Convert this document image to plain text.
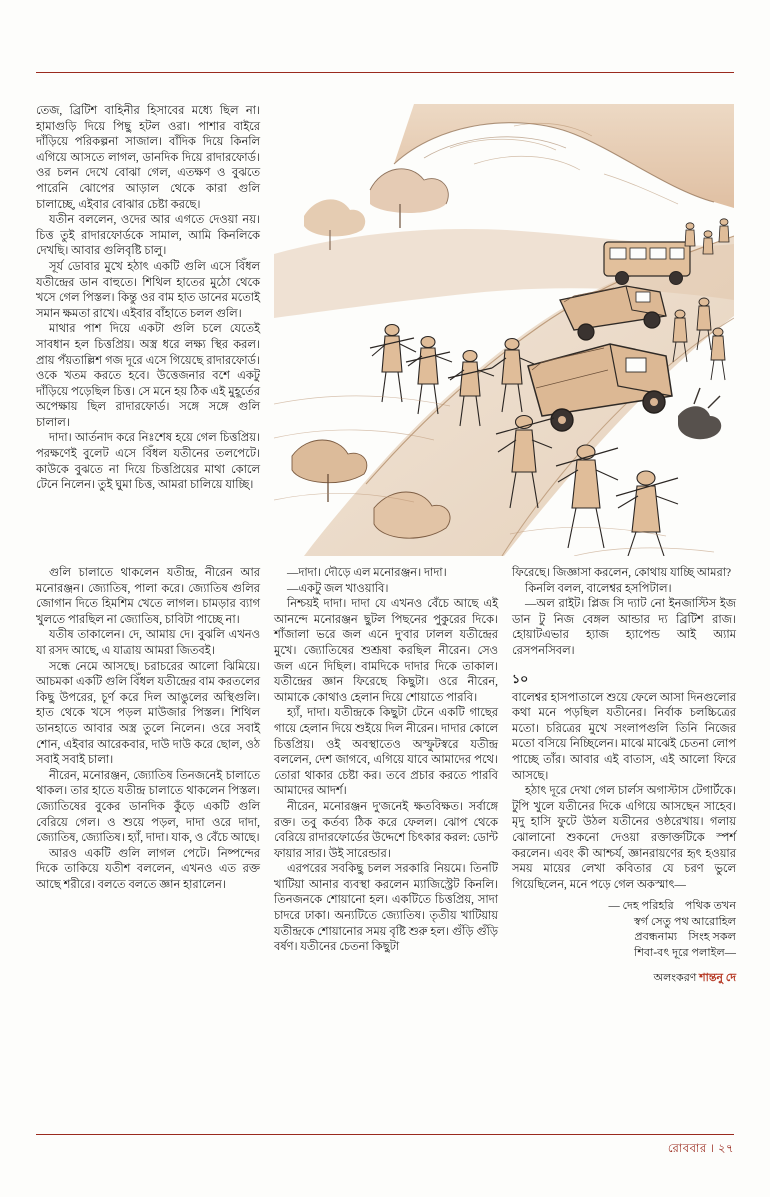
তেজ, ব্রিটিশ বাহিনীর হিসাবের মধ্যে ছিল না। হামাগুড়ি দিয়ে পিছু হটল ওরা। পাশার বাইরে দাঁড়িয়ে পরিকল্পনা সাজাল। বাঁদিক দিয়ে কিনলি এগিয়ে আসতে লাগল, ডানদিক দিয়ে রাদারফোর্ড। ওর চলন দেখে বোঝা গেল, এতক্ষণ ও বুঝতে পারেনি ঝোপের আড়াল থেকে কারা গুলি চালাচ্ছে, এইবার বোঝার চেষ্টা করছে।

যতীন বললেন, ওদের আর এগতে দেওয়া নয়। চিত্ত তুই রাদারফোর্ডকে সামাল, আমি কিনলিকে দেখছি। আবার গুলিবৃষ্টি চালু।

সূর্য ডোবার মুখে হঠাৎ একটি গুলি এসে বিঁধল যতীন্দ্রের ডান বাহুতে। শিথিল হাতের মুঠো থেকে খসে গেল পিস্তল। কিন্তু ওর বাম হাত ডানের মতোই সমান ক্ষমতা রাখে। এইবার বাঁহাতে চলল গুলি।

মাথার পাশ দিয়ে একটা গুলি চলে যেতেই সাবধান হল চিত্তপ্রিয়। অস্ত্র ধরে লক্ষ্য স্থির করল। প্রায় পঁয়তাল্লিশ গজ দূরে এসে গিয়েছে রাদারফোর্ড। ওকে খতম করতে হবে। উত্তেজনার বশে একটু দাঁড়িয়ে পড়েছিল চিত্ত। সে মনে হয় ঠিক এই মুহূর্তের অপেক্ষায় ছিল রাদারফোর্ড। সঙ্গে সঙ্গে গুলি চালাল।

দাদা। আর্তনাদ করে নিঃশেষ হয়ে গেল চিত্তপ্রিয়। পরক্ষণেই বুলেট এসে বিঁধল যতীনের তলপেটে। কাউকে বুঝতে না দিয়ে চিত্তপ্রিয়ের মাথা কোলে টেনে নিলেন। তুই ঘুমা চিত্ত, আমরা চালিয়ে যাচ্ছি।

গুলি চালাতে থাকলেন যতীন্দ্র, নীরেন আর মনোরঞ্জন। জ্যোতিষ, পালা করে। জ্যোতিষ গুলির জোগান দিতে হিমশিম খেতে লাগল। চামড়ার ব্যাগ খুলতে পারছিল না জ্যোতিষ, চাবিটা পাচ্ছে না।

যতীষ তাকালেন। দে, আমায় দে। বুঝলি এখনও যা রসদ আছে, এ যাত্রায় আমরা জিতবই।

সন্ধে নেমে আসছে। চরাচরের আলো ঝিমিয়ে। আচমকা একটি গুলি বিঁধল যতীন্দ্রের বাম করতলের কিছু উপরের, চূর্ণ করে দিল আঙুলের অস্থিগুলি। হাত থেকে খসে পড়ল মাউজার পিস্তল। শিথিল ডানহাতে আবার অস্ত্র তুলে নিলেন। ওরে সবাই শোন, এইবার আরেকবার, দাউ দাউ করে ছোল, ওঠ সবাই সবাই চালা।

নীরেন, মনোরঞ্জন, জ্যোতিষ তিনজনেই চালাতে থাকল। তার হাতে যতীন্দ্র চালাতে থাকলেন পিস্তল। জ্যোতিষের বুকের ডানদিক কুঁড়ে একটি গুলি বেরিয়ে গেল। ও শুয়ে পড়ল, দাদা ওরে দাদা, জ্যোতিষ, জ্যোতিষ। হ্যাঁ, দাদা। যাক, ও বেঁচে আছে।

আরও একটি গুলি লাগল পেটে। নিষ্পন্দের দিকে তাকিয়ে যতীশ বললেন, এখনও এত রক্ত আছে শরীরে। বলতে বলতে জ্ঞান হারালেন।

—দাদা। দৌড়ে এল মনোরঞ্জন। দাদা।

—একটু জল খাওয়াবি।

নিশ্চয়ই দাদা। দাদা যে এখনও বেঁচে আছে এই আনন্দে মনোরঞ্জন ছুটল পিছনের পুকুরের দিকে। শাঁজালা ভরে জল এনে দু'বার ঢালল যতীন্দ্রের মুখে। জ্যোতিষের শুশ্রূষা করছিল নীরেন। সেও জল এনে দিছিল। বামদিকে দাদার দিকে তাকাল। যতীন্দ্রের জ্ঞান ফিরেছে কিছুটা। ওরে নীরেন, আমাকে কোথাও হেলান দিয়ে শোয়াতে পারবি।

হ্যাঁ, দাদা। যতীন্দ্রকে কিছুটা টেনে একটি গাছের গায়ে হেলান দিয়ে শুইয়ে দিল নীরেন। দাদার কোলে চিত্তপ্রিয়। ওই অবস্থাতেও অস্ফুটস্বরে যতীন্দ্র বললেন, দেশ জাগবে, এগিয়ে যাবে আমাদের পথে। তোরা থাকার চেষ্টা কর। তবে প্রচার করতে পারবি আমাদের আদর্শ।

নীরেন, মনোরঞ্জন দু'জনেই ক্ষতবিক্ষত। সর্বাঙ্গে রক্ত। তবু কর্তব্য ঠিক করে ফেলল। ঝোপ থেকে বেরিয়ে রাদারফোর্ডের উদ্দেশে চিৎকার করল: ডোন্ট ফায়ার সার। উই সারেন্ডার।

এরপরের সবকিছু চলল সরকারি নিয়মে। তিনটি খাটিয়া আনার ব্যবস্থা করলেন ম্যাজিস্ট্রেট কিনলি। তিনজনকে শোয়ানো হল। একটিতে চিত্তপ্রিয়, সাদা চাদরে ঢাকা। অন্যটিতে জ্যোতিষ। তৃতীয় খাটিয়ায় যতীন্দ্রকে শোয়ানোর সময় বৃষ্টি শুরু হল। গুঁড়ি গুঁড়ি বর্ষণ। যতীনের চেতনা কিছুটা

ফিরেছে। জিজ্ঞাসা করলেন, কোথায় যাচ্ছি আমরা?

কিনলি বলল, বালেশ্বর হসপিটাল।

—অল রাইট। প্লিজ সি দ্যাট নো ইনজাস্টিস ইজ ডান টু নিজ বেঙ্গল আন্ডার দ্য ব্রিটিশ রাজ। হোয়াটএভার হ্যাজ হ্যাপেন্ড আই অ্যাম রেসপনসিবল।

১০

বালেশ্বর হাসপাতালে শুয়ে ফেলে আসা দিনগুলোর কথা মনে পড়ছিল যতীনের। নির্বাক চলচ্চিত্রের মতো। চরিত্রের মুখে সংলাপগুলি তিনি নিজের মতো বসিয়ে নিচ্ছিলেন। মাঝে মাঝেই চেতনা লোপ পাচ্ছে তাঁর। আবার এই বাতাস, এই আলো ফিরে আসছে।

হঠাৎ দূরে দেখা গেল চার্লস অগাস্টাস টেগার্টকে। টুপি খুলে যতীনের দিকে এগিয়ে আসছেন সাহেব। মৃদু হাসি ফুটে উঠল যতীনের ওষ্ঠরেখায়। গলায় ঝোলানো শুকনো দেওয়া রক্তাক্তটিকে স্পর্শ করলেন। এবং কী আশ্চর্য, জ্ঞানরায়ণের হৃৎ হওয়ার সময় মায়ের লেখা কবিতার যে চরণ ভুলে গিয়েছিলেন, মনে পড়ে গেল অকস্মাৎ—

— দেহ পরিহরি    পথিক তখন
স্বর্গ সেতু পথ আরোহিল
প্রবন্ধনাম্য    সিংহ সকল
শিবা-বৎ দূরে পলাইল—
অলংকরণ শান্তনু দে
রোববার । ২৭
